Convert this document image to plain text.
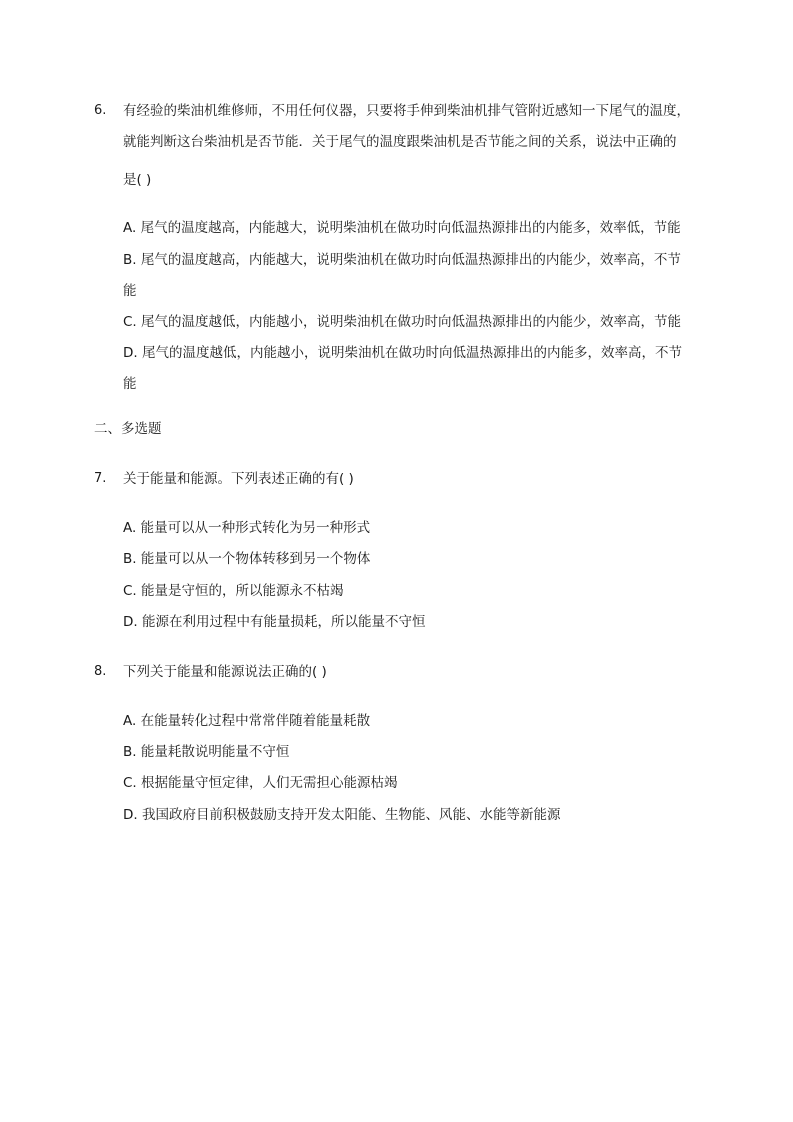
6. 有经验的柴油机维修师，不用任何仪器，只要将手伸到柴油机排气管附近感知一下尾气的温度，
就能判断这台柴油机是否节能．关于尾气的温度跟柴油机是否节能之间的关系，说法中正确的
是( )
A. 尾气的温度越高，内能越大，说明柴油机在做功时向低温热源排出的内能多，效率低，节能
B. 尾气的温度越高，内能越大，说明柴油机在做功时向低温热源排出的内能少，效率高，不节
能
C. 尾气的温度越低，内能越小，说明柴油机在做功时向低温热源排出的内能少，效率高，节能
D. 尾气的温度越低，内能越小，说明柴油机在做功时向低温热源排出的内能多，效率高，不节
能
二、多选题
7. 关于能量和能源。下列表述正确的有( )
A. 能量可以从一种形式转化为另一种形式
B. 能量可以从一个物体转移到另一个物体
C. 能量是守恒的，所以能源永不枯竭
D. 能源在利用过程中有能量损耗，所以能量不守恒
8. 下列关于能量和能源说法正确的( )
A. 在能量转化过程中常常伴随着能量耗散
B. 能量耗散说明能量不守恒
C. 根据能量守恒定律，人们无需担心能源枯竭
D. 我国政府目前积极鼓励支持开发太阳能、生物能、风能、水能等新能源
